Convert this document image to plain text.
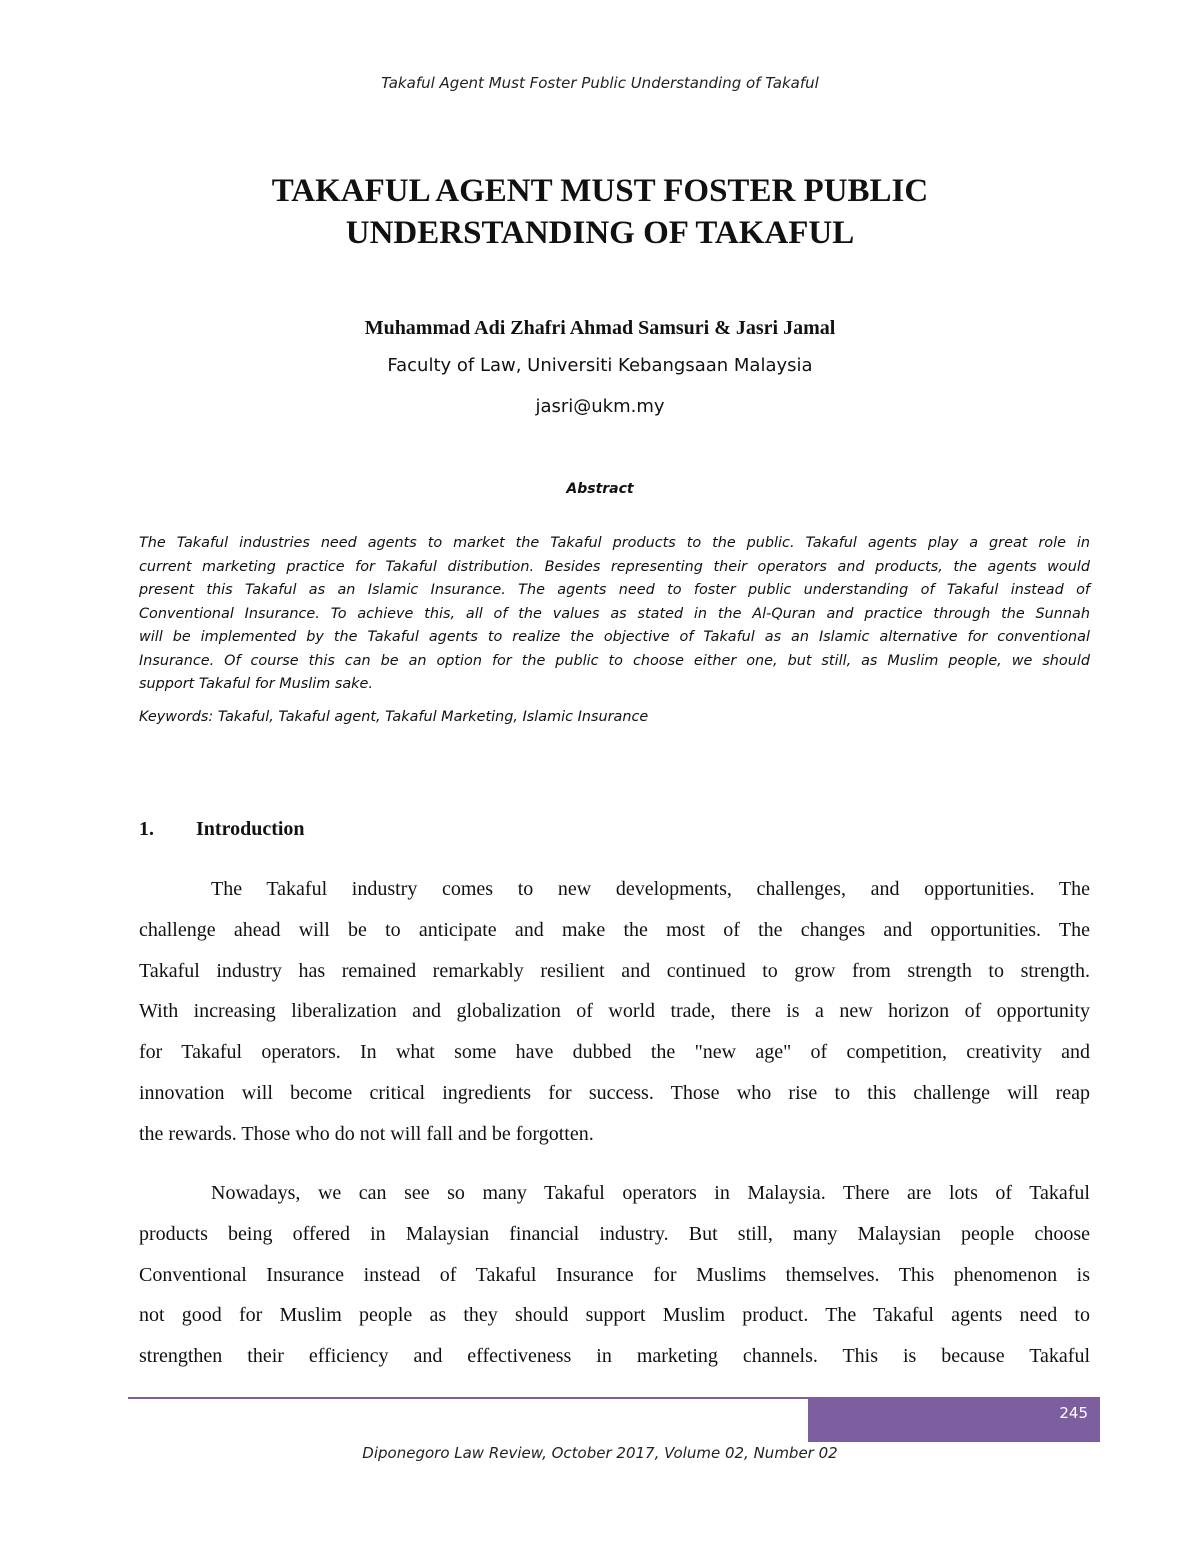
Takaful Agent Must Foster Public Understanding of Takaful
TAKAFUL AGENT MUST FOSTER PUBLIC
UNDERSTANDING OF TAKAFUL
Muhammad Adi Zhafri Ahmad Samsuri & Jasri Jamal
Faculty of Law, Universiti Kebangsaan Malaysia
jasri@ukm.my
Abstract
The Takaful industries need agents to market the Takaful products to the public. Takaful agents play a great role in
current marketing practice for Takaful distribution. Besides representing their operators and products, the agents would
present this Takaful as an Islamic Insurance. The agents need to foster public understanding of Takaful instead of
Conventional Insurance. To achieve this, all of the values as stated in the Al-Quran and practice through the Sunnah
will be implemented by the Takaful agents to realize the objective of Takaful as an Islamic alternative for conventional
Insurance. Of course this can be an option for the public to choose either one, but still, as Muslim people, we should
support Takaful for Muslim sake.
Keywords: Takaful, Takaful agent, Takaful Marketing, Islamic Insurance
1. Introduction
The Takaful industry comes to new developments, challenges, and opportunities. The
challenge ahead will be to anticipate and make the most of the changes and opportunities. The
Takaful industry has remained remarkably resilient and continued to grow from strength to strength.
With increasing liberalization and globalization of world trade, there is a new horizon of opportunity
for Takaful operators. In what some have dubbed the "new age" of competition, creativity and
innovation will become critical ingredients for success. Those who rise to this challenge will reap
the rewards. Those who do not will fall and be forgotten.
Nowadays, we can see so many Takaful operators in Malaysia. There are lots of Takaful
products being offered in Malaysian financial industry. But still, many Malaysian people choose
Conventional Insurance instead of Takaful Insurance for Muslims themselves. This phenomenon is
not good for Muslim people as they should support Muslim product. The Takaful agents need to
strengthen their efficiency and effectiveness in marketing channels. This is because Takaful
245
Diponegoro Law Review, October 2017, Volume 02, Number 02
